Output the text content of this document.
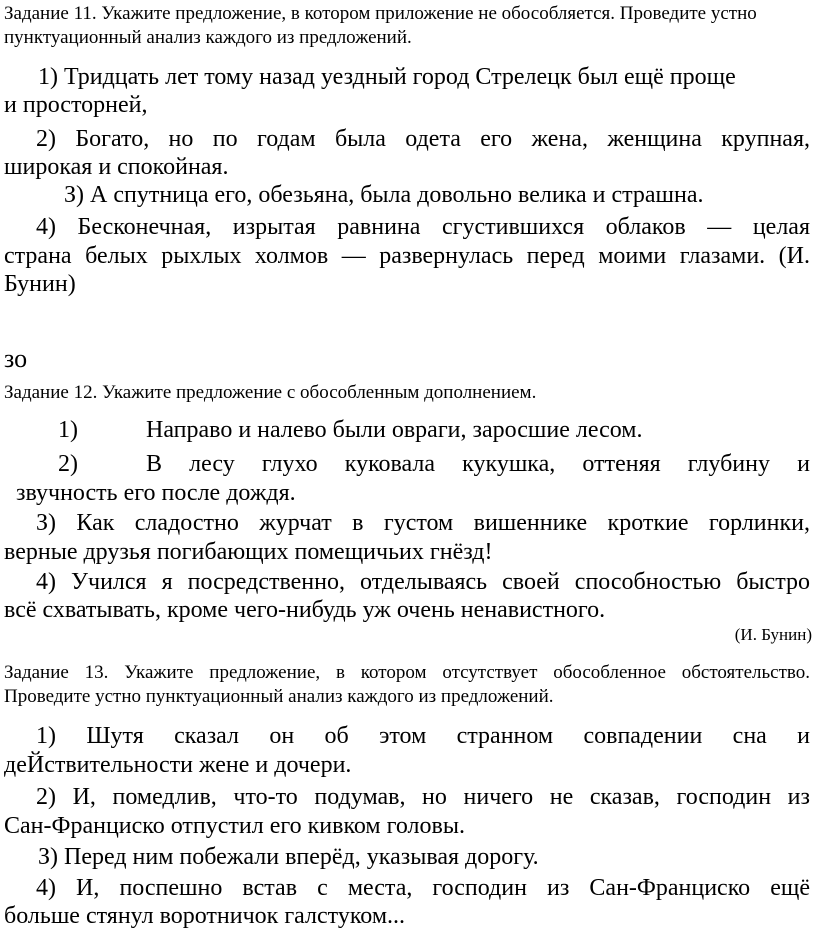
Задание 11. Укажите предложение, в котором приложение не обособляется. Проведите устно
пунктуационный анализ каждого из предложений.
1) Тридцать лет тому назад уездный город Стрелецк был ещё проще
и просторней,
2) Богато, но по годам была одета его жена, женщина крупная,
широкая и спокойная.
З) А спутница его, обезьяна, была довольно велика и страшна.
4) Бесконечная, изрытая равнина сгустившихся облаков — целая
страна белых рыхлых холмов — развернулась перед моими глазами. (И.
Бунин)
зо
Задание 12. Укажите предложение с обособленным дополнением.
1)	Направо и налево были овраги, заросшие лесом.
2)	В лесу глухо куковала кукушка, оттеняя глубину и
звучность его после дождя.
З) Как сладостно журчат в густом вишеннике кроткие горлинки,
верные друзья погибающих помещичьих гнёзд!
4) Учился я посредственно, отделываясь своей способностью быстро
всё схватывать, кроме чего-нибудь уж очень ненавистного.
(И. Бунин)
Задание 13. Укажите предложение, в котором отсутствует обособленное обстоятельство.
Проведите устно пунктуационный анализ каждого из предложений.
1) Шутя сказал он об этом странном совпадении сна и
деЙствительности жене и дочери.
2) И, помедлив, что-то подумав, но ничего не сказав, господин из
Сан-Франциско отпустил его кивком головы.
З) Перед ним побежали вперёд, указывая дорогу.
4) И, поспешно встав с места, господин из Сан-Франциско ещё
больше стянул воротничок галстуком...
